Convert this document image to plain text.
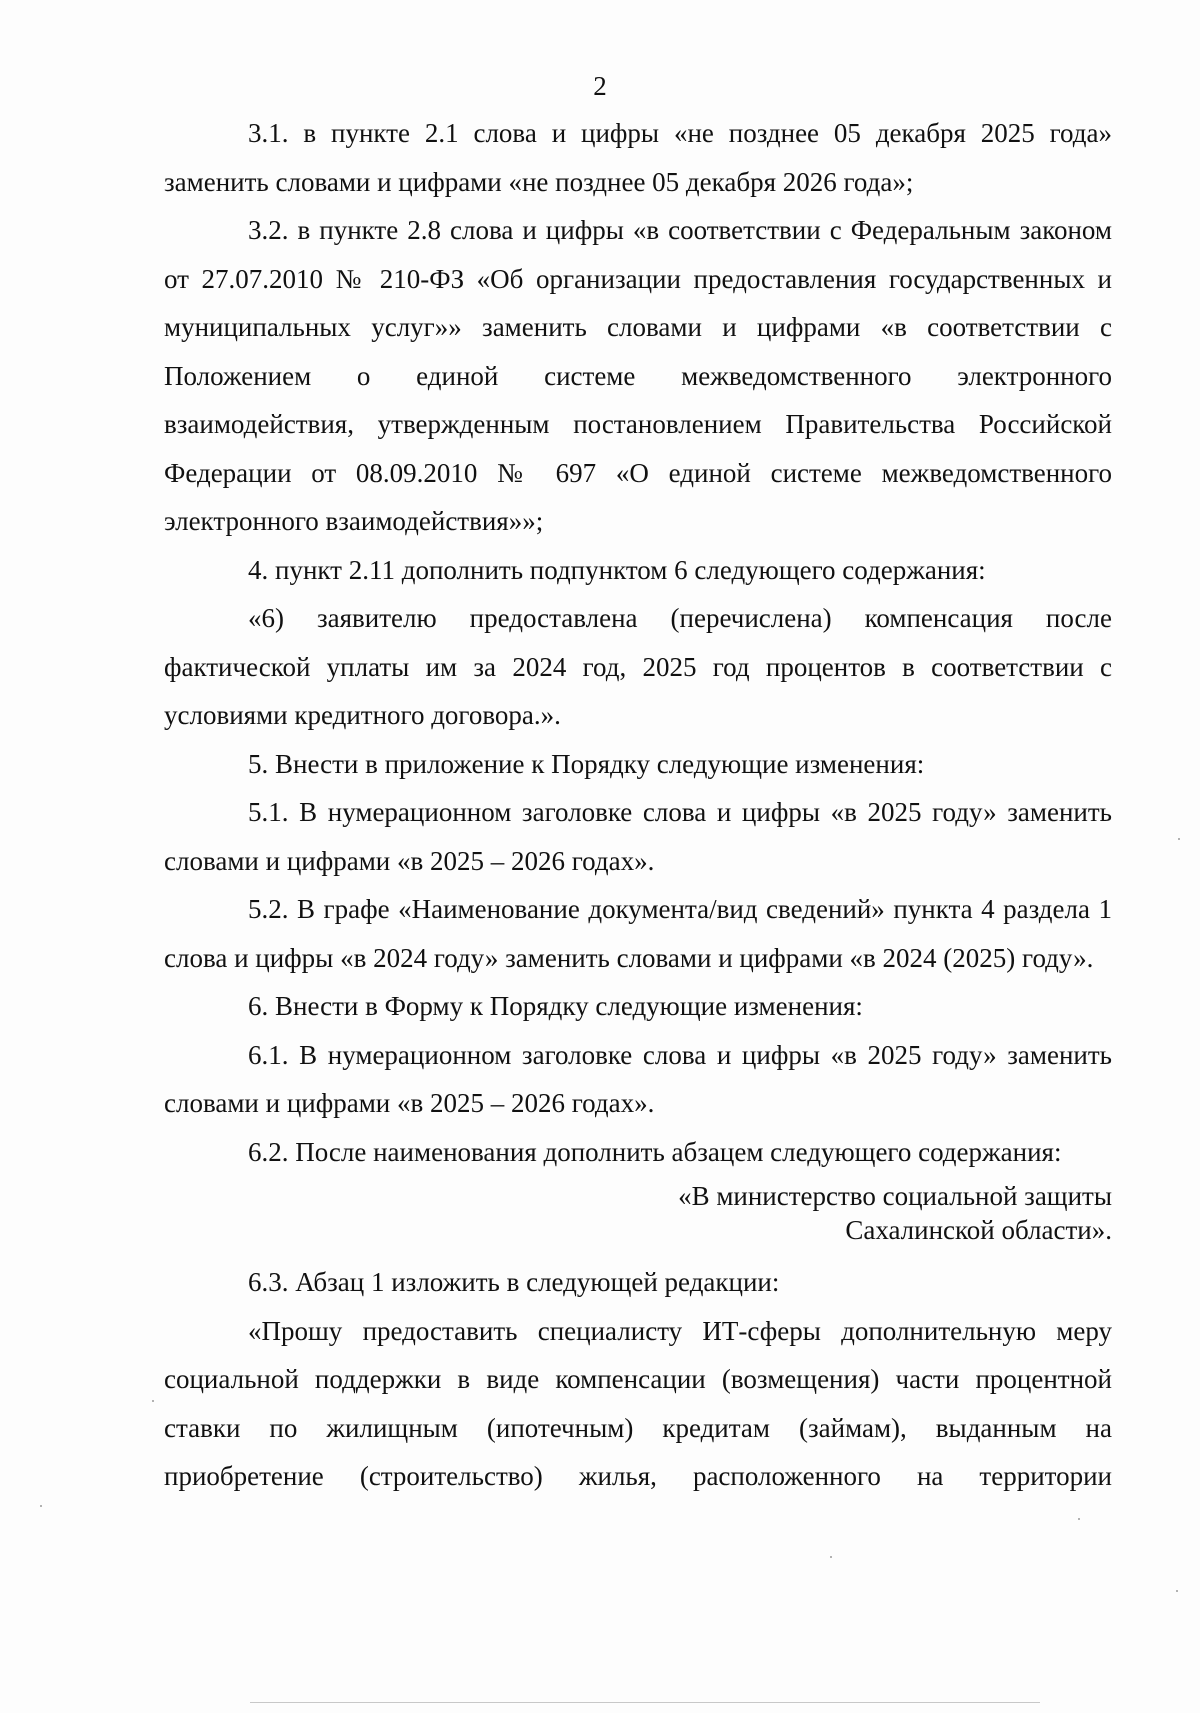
2

3.1. в пункте 2.1 слова и цифры «не позднее 05 декабря 2025 года» заменить словами и цифрами «не позднее 05 декабря 2026 года»;

3.2. в пункте 2.8 слова и цифры «в соответствии с Федеральным законом от 27.07.2010 № 210-ФЗ «Об организации предоставления государственных и муниципальных услуг»» заменить словами и цифрами «в соответствии с Положением о единой системе межведомственного электронного взаимодействия, утвержденным постановлением Правительства Российской Федерации от 08.09.2010 № 697 «О единой системе межведомственного электронного взаимодействия»»;

4. пункт 2.11 дополнить подпунктом 6 следующего содержания:

«6) заявителю предоставлена (перечислена) компенсация после фактической уплаты им за 2024 год, 2025 год процентов в соответствии с условиями кредитного договора.».

5. Внести в приложение к Порядку следующие изменения:

5.1. В нумерационном заголовке слова и цифры «в 2025 году» заменить словами и цифрами «в 2025 – 2026 годах».

5.2. В графе «Наименование документа/вид сведений» пункта 4 раздела 1 слова и цифры «в 2024 году» заменить словами и цифрами «в 2024 (2025) году».

6. Внести в Форму к Порядку следующие изменения:

6.1. В нумерационном заголовке слова и цифры «в 2025 году» заменить словами и цифрами «в 2025 – 2026 годах».

6.2. После наименования дополнить абзацем следующего содержания:

«В министерство социальной защиты
Сахалинской области».

6.3. Абзац 1 изложить в следующей редакции:

«Прошу предоставить специалисту ИТ-сферы дополнительную меру социальной поддержки в виде компенсации (возмещения) части процентной ставки по жилищным (ипотечным) кредитам (займам), выданным на приобретение (строительство) жилья, расположенного на территории
